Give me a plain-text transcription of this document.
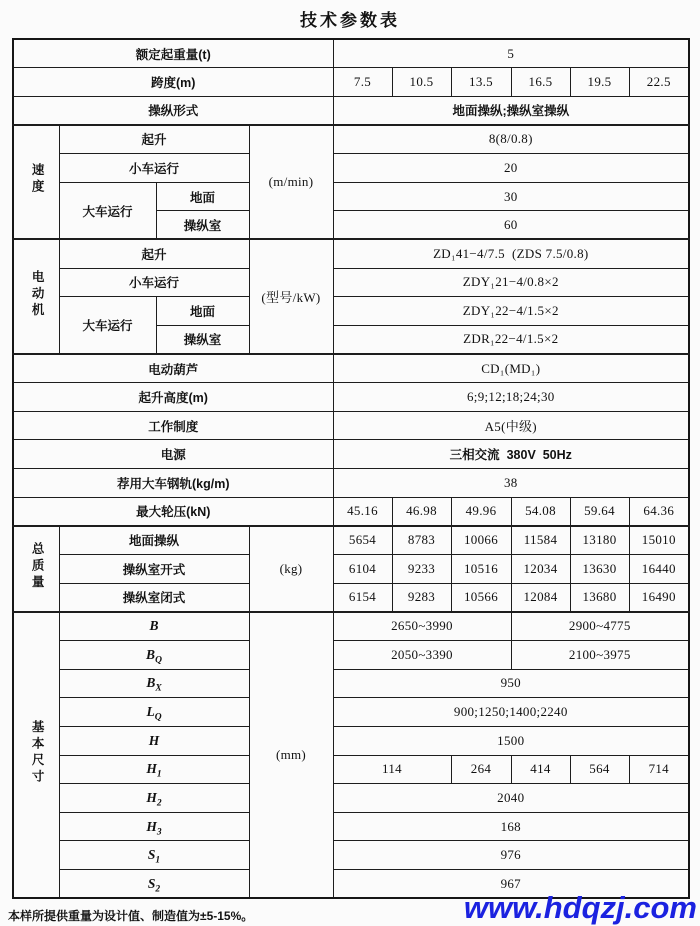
技术参数表
额定起重量(t)				5					
跨度(m)				7.5	10.5	13.5	16.5	19.5	22.5
操纵形式				地面操纵;操纵室操纵					
速度	起升		(m/min)	8(8/0.8)					
	小车运行			20					
	大车运行	地面		30					
		操纵室		60					
电动机	起升		(型号/kW)	ZD₁41−4/7.5  (ZDS 7.5/0.8)					
	小车运行			ZDY₁21−4/0.8×2					
	大车运行	地面		ZDY₁22−4/1.5×2					
		操纵室		ZDR₁22−4/1.5×2					
电动葫芦				CD₁(MD₁)					
起升高度(m)				6;9;12;18;24;30					
工作制度				A5(中级)					
电源				三相交流  380V  50Hz					
荐用大车钢轨(kg/m)				38					
最大轮压(kN)				45.16	46.98	49.96	54.08	59.64	64.36
总质量	地面操纵		(kg)	5654	8783	10066	11584	13180	15010
	操纵室开式			6104	9233	10516	12034	13630	16440
	操纵室闭式			6154	9283	10566	12084	13680	16490
基本尺寸	B		(mm)	2650~3990			2900~4775		
	$B_Q$			2050~3390			2100~3975		
	$B_X$			950					
	$L_Q$			900;1250;1400;2240					
	H			1500					
	$H_1$			114		264	414	564	714
	$H_2$			2040					
	$H_3$			168					
	$S_1$			976					
	$S_2$			967					
本样所提供重量为设计值、制造值为±5-15%。	www.hdqzj.com
